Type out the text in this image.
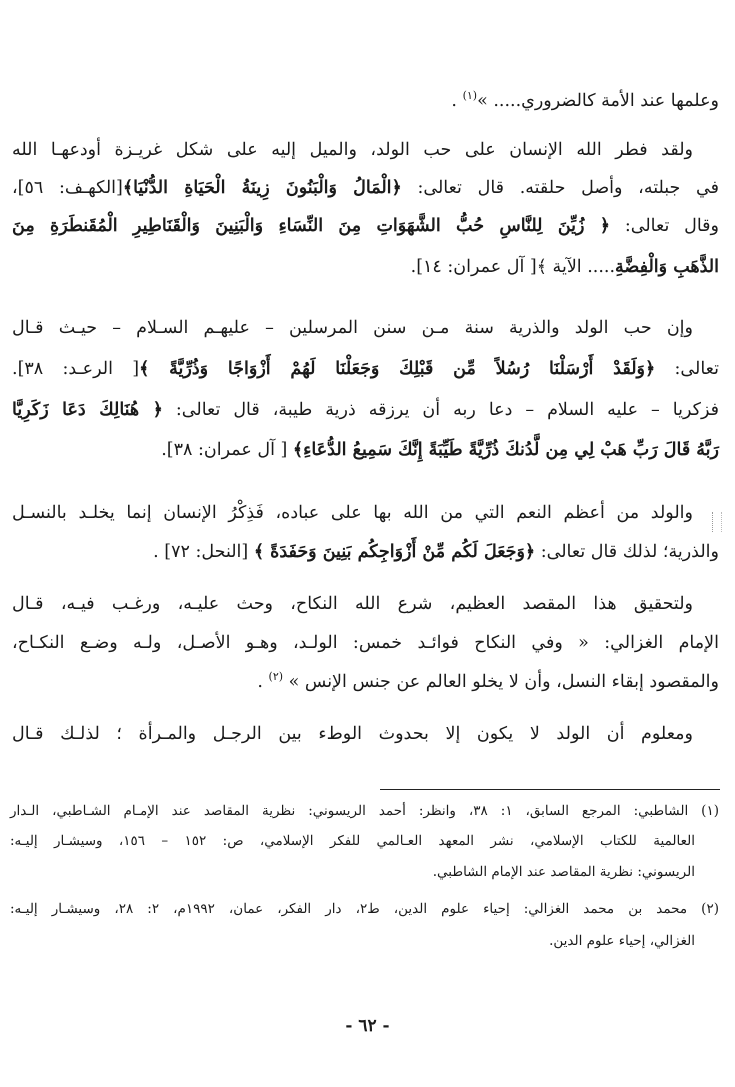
وعلمها عند الأمة كالضروري..... »$^{(١)}$ .
ولقد فطر الله الإنسان على حب الولد، والميل إليه على شكل غريـزة أودعهـا الله
في جبلته، وأصل حلقته. قال تعالى: ﴿الْمَالُ وَالْبَنُونَ زِينَةُ الْحَيَاةِ الدُّنْيَا﴾[الكهـف: ٥٦]،
وقال تعالى: ﴿ زُيِّنَ لِلنَّاسِ حُبُّ الشَّهَوَاتِ مِنَ النِّسَاءِ وَالْبَنِينَ وَالْقَنَاطِيرِ الْمُقَنطَرَةِ مِنَ
الذَّهَبِ وَالْفِضَّةِ..... الآية ﴾[ آل عمران: ١٤].
وإن حب الولد والذرية سنة مـن سنن المرسلين – عليهـم السـلام – حيـث قـال
تعالى: ﴿وَلَقَدْ أَرْسَلْنَا رُسُلاً مِّن قَبْلِكَ وَجَعَلْنَا لَهُمْ أَزْوَاجًا وَذُرِّيَّةً ﴾[ الرعـد: ٣٨].
فزكريا – عليه السلام – دعا ربه أن يرزقه ذرية طيبة، قال تعالى: ﴿ هُنَالِكَ دَعَا زَكَرِيَّا
رَبَّهُ قَالَ رَبِّ هَبْ لِي مِن لَّدُنكَ ذُرِّيَّةً طَيِّبَةً إِنَّكَ سَمِيعُ الدُّعَاءِ﴾ [ آل عمران: ٣٨].
والولد من أعظم النعم التي من الله بها على عباده، فَذِكْرُ الإنسان إنما يخلـد بالنسـل
والذرية؛ لذلك قال تعالى: ﴿وَجَعَلَ لَكُم مِّنْ أَزْوَاجِكُم بَنِينَ وَحَفَدَةً ﴾ [النحل: ٧٢] .
ولتحقيق هذا المقصد العظيم، شرع الله النكاح، وحث عليـه، ورغـب فيـه، قـال
الإمام الغزالي: « وفي النكاح فوائـد خمس: الولـد، وهـو الأصـل، ولـه وضـع النكـاح،
والمقصود إبقاء النسل، وأن لا يخلو العالم عن جنس الإنس » $^{(٢)}$ .
ومعلوم أن الولد لا يكون إلا بحدوث الوطء بين الرجـل والمـرأة ؛ لذلـك قـال
(١) الشاطبي: المرجع السابق، ١: ٣٨، وانظر: أحمد الريسوني: نظرية المقاصد عند الإمـام الشـاطبي، الـدار
العالمية للكتاب الإسلامي، نشر المعهد العـالمي للفكر الإسلامي، ص: ١٥٢ – ١٥٦، وسيشـار إليـه:
الريسوني: نظرية المقاصد عند الإمام الشاطبي.
(٢) محمد بن محمد الغزالي: إحياء علوم الدين، ط٢، دار الفكر، عمان، ١٩٩٢م، ٢: ٢٨، وسيشـار إليـه:
الغزالي، إحياء علوم الدين.
- ٦٢ -
